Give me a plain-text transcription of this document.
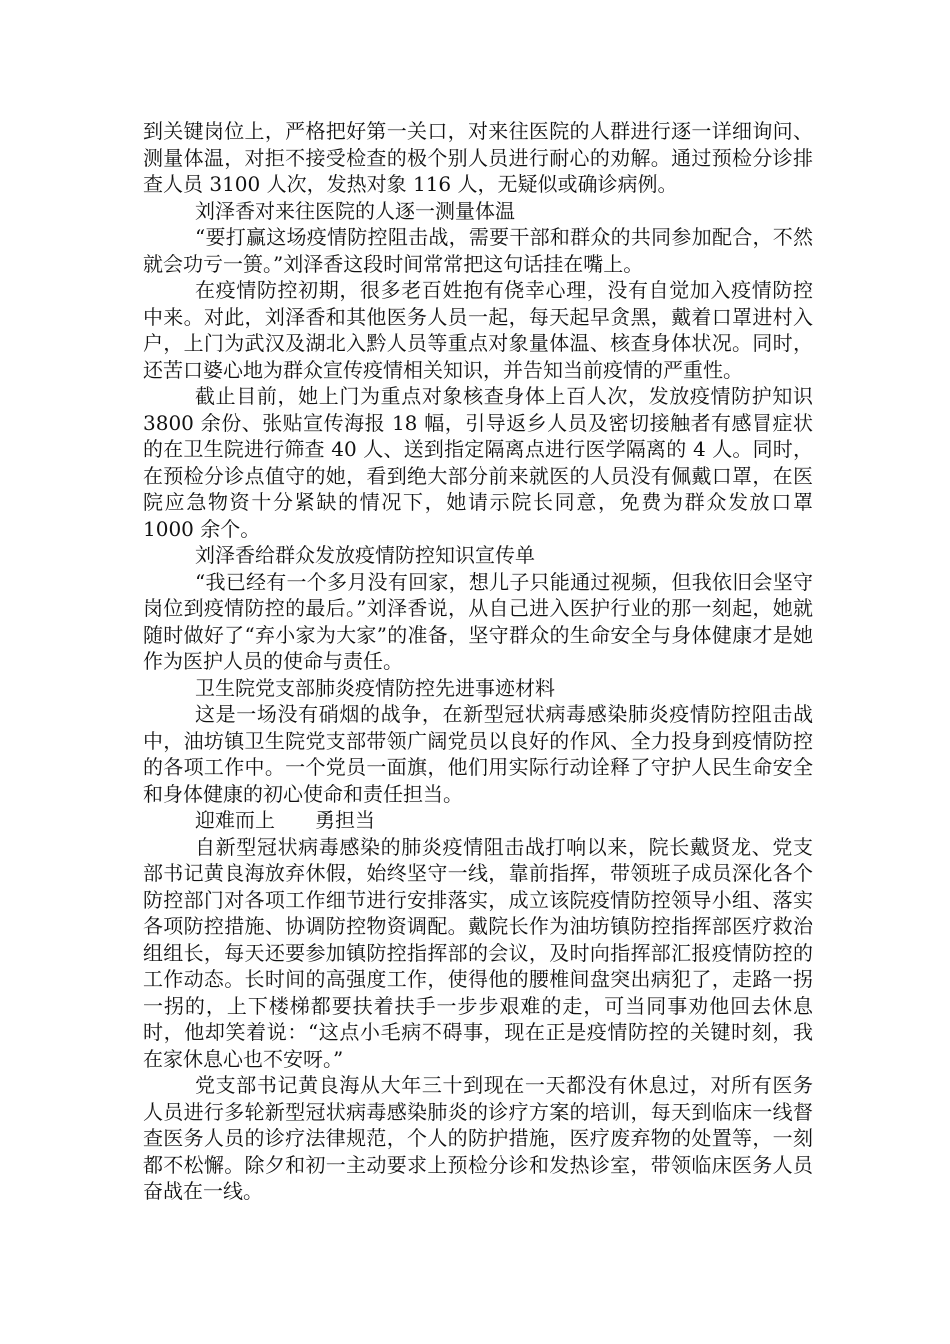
到关键岗位上，严格把好第一关口，对来往医院的人群进行逐一详细询问、测量体温，对拒不接受检查的极个别人员进行耐心的劝解。通过预检分诊排查人员 3100 人次，发热对象 116 人，无疑似或确诊病例。

刘泽香对来往医院的人逐一测量体温

“要打赢这场疫情防控阻击战，需要干部和群众的共同参加配合，不然就会功亏一篑。”刘泽香这段时间常常把这句话挂在嘴上。

在疫情防控初期，很多老百姓抱有侥幸心理，没有自觉加入疫情防控中来。对此，刘泽香和其他医务人员一起，每天起早贪黑，戴着口罩进村入户，上门为武汉及湖北入黔人员等重点对象量体温、核查身体状况。同时，还苦口婆心地为群众宣传疫情相关知识，并告知当前疫情的严重性。

截止目前，她上门为重点对象核查身体上百人次，发放疫情防护知识 3800 余份、张贴宣传海报 18 幅，引导返乡人员及密切接触者有感冒症状的在卫生院进行筛查 40 人、送到指定隔离点进行医学隔离的 4 人。同时，在预检分诊点值守的她，看到绝大部分前来就医的人员没有佩戴口罩，在医院应急物资十分紧缺的情况下，她请示院长同意，免费为群众发放口罩 1000 余个。

刘泽香给群众发放疫情防控知识宣传单

“我已经有一个多月没有回家，想儿子只能通过视频，但我依旧会坚守岗位到疫情防控的最后。”刘泽香说，从自己进入医护行业的那一刻起，她就随时做好了“弃小家为大家”的准备，坚守群众的生命安全与身体健康才是她作为医护人员的使命与责任。

卫生院党支部肺炎疫情防控先进事迹材料

这是一场没有硝烟的战争，在新型冠状病毒感染肺炎疫情防控阻击战中，油坊镇卫生院党支部带领广阔党员以良好的作风、全力投身到疫情防控的各项工作中。一个党员一面旗，他们用实际行动诠释了守护人民生命安全和身体健康的初心使命和责任担当。

迎难而上　　勇担当

自新型冠状病毒感染的肺炎疫情阻击战打响以来，院长戴贤龙、党支部书记黄良海放弃休假，始终坚守一线，靠前指挥，带领班子成员深化各个防控部门对各项工作细节进行安排落实，成立该院疫情防控领导小组、落实各项防控措施、协调防控物资调配。戴院长作为油坊镇防控指挥部医疗救治组组长，每天还要参加镇防控指挥部的会议，及时向指挥部汇报疫情防控的工作动态。长时间的高强度工作，使得他的腰椎间盘突出病犯了，走路一拐一拐的，上下楼梯都要扶着扶手一步步艰难的走，可当同事劝他回去休息时，他却笑着说：“这点小毛病不碍事，现在正是疫情防控的关键时刻，我在家休息心也不安呀。”

党支部书记黄良海从大年三十到现在一天都没有休息过，对所有医务人员进行多轮新型冠状病毒感染肺炎的诊疗方案的培训，每天到临床一线督查医务人员的诊疗法律规范，个人的防护措施，医疗废弃物的处置等，一刻都不松懈。除夕和初一主动要求上预检分诊和发热诊室，带领临床医务人员奋战在一线。
